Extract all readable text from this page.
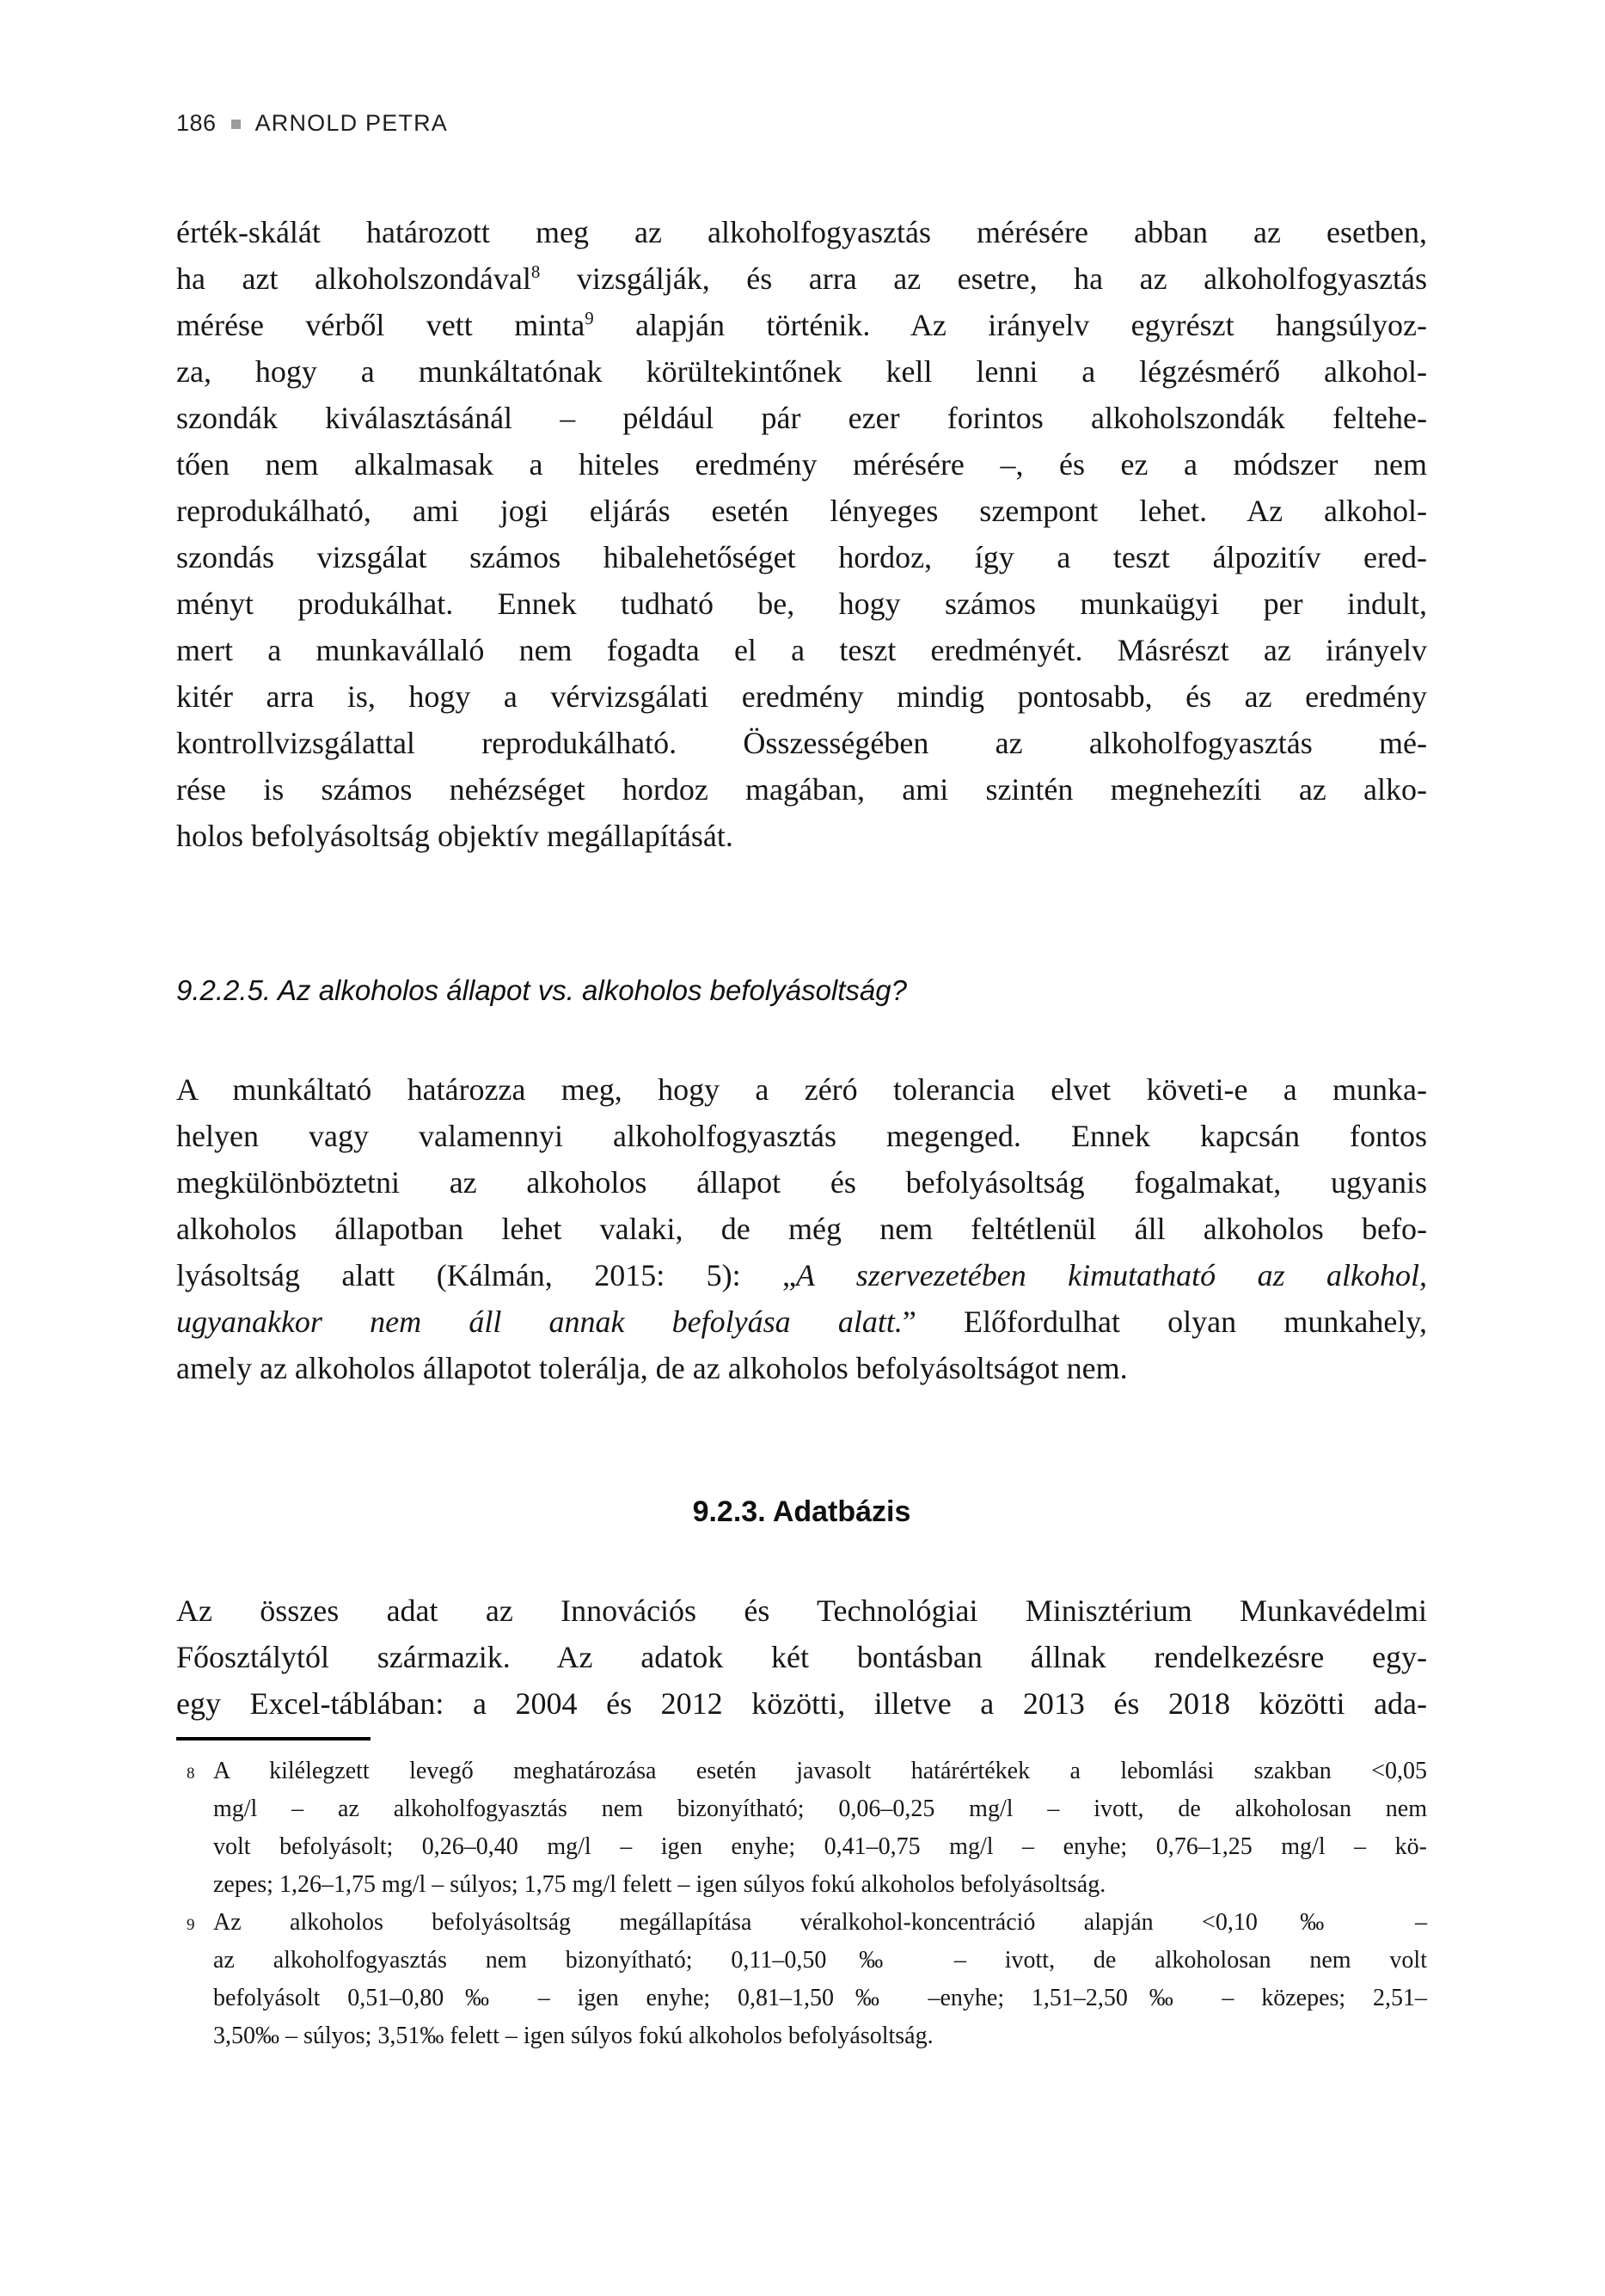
186 ARNOLD PETRA
érték-skálát határozott meg az alkoholfogyasztás mérésére abban az esetben,
ha azt alkoholszondával$^8$ vizsgálják, és arra az esetre, ha az alkoholfogyasztás
mérése vérből vett minta$^9$ alapján történik. Az irányelv egyrészt hangsúlyoz-
za, hogy a munkáltatónak körültekintőnek kell lenni a légzésmérő alkohol-
szondák kiválasztásánál – például pár ezer forintos alkoholszondák feltehe-
tően nem alkalmasak a hiteles eredmény mérésére –, és ez a módszer nem
reprodukálható, ami jogi eljárás esetén lényeges szempont lehet. Az alkohol-
szondás vizsgálat számos hibalehetőséget hordoz, így a teszt álpozitív ered-
ményt produkálhat. Ennek tudható be, hogy számos munkaügyi per indult,
mert a munkavállaló nem fogadta el a teszt eredményét. Másrészt az irányelv
kitér arra is, hogy a vérvizsgálati eredmény mindig pontosabb, és az eredmény
kontrollvizsgálattal reprodukálható. Összességében az alkoholfogyasztás mé-
rése is számos nehézséget hordoz magában, ami szintén megnehezíti az alko-
holos befolyásoltság objektív megállapítását.
9.2.2.5. Az alkoholos állapot vs. alkoholos befolyásoltság?
A munkáltató határozza meg, hogy a zéró tolerancia elvet követi-e a munka-
helyen vagy valamennyi alkoholfogyasztás megenged. Ennek kapcsán fontos
megkülönböztetni az alkoholos állapot és befolyásoltság fogalmakat, ugyanis
alkoholos állapotban lehet valaki, de még nem feltétlenül áll alkoholos befo-
lyásoltság alatt (Kálmán, 2015: 5): „A szervezetében kimutatható az alkohol,
ugyanakkor nem áll annak befolyása alatt.” Előfordulhat olyan munkahely,
amely az alkoholos állapotot tolerálja, de az alkoholos befolyásoltságot nem.
9.2.3. Adatbázis
Az összes adat az Innovációs és Technológiai Minisztérium Munkavédelmi
Főosztálytól származik. Az adatok két bontásban állnak rendelkezésre egy-
egy Excel-táblában: a 2004 és 2012 közötti, illetve a 2013 és 2018 közötti ada-
8 A kilélegzett levegő meghatározása esetén javasolt határértékek a lebomlási szakban <0,05
mg/l – az alkoholfogyasztás nem bizonyítható; 0,06–0,25 mg/l – ivott, de alkoholosan nem
volt befolyásolt; 0,26–0,40 mg/l – igen enyhe; 0,41–0,75 mg/l – enyhe; 0,76–1,25 mg/l – kö-
zepes; 1,26–1,75 mg/l – súlyos; 1,75 mg/l felett – igen súlyos fokú alkoholos befolyásoltság.
9 Az alkoholos befolyásoltság megállapítása véralkohol-koncentráció alapján <0,10‰ –
az alkoholfogyasztás nem bizonyítható; 0,11–0,50‰ – ivott, de alkoholosan nem volt
befolyásolt 0,51–0,80‰ – igen enyhe; 0,81–1,50‰ –enyhe; 1,51–2,50‰ – közepes; 2,51–
3,50‰ – súlyos; 3,51‰ felett – igen súlyos fokú alkoholos befolyásoltság.
